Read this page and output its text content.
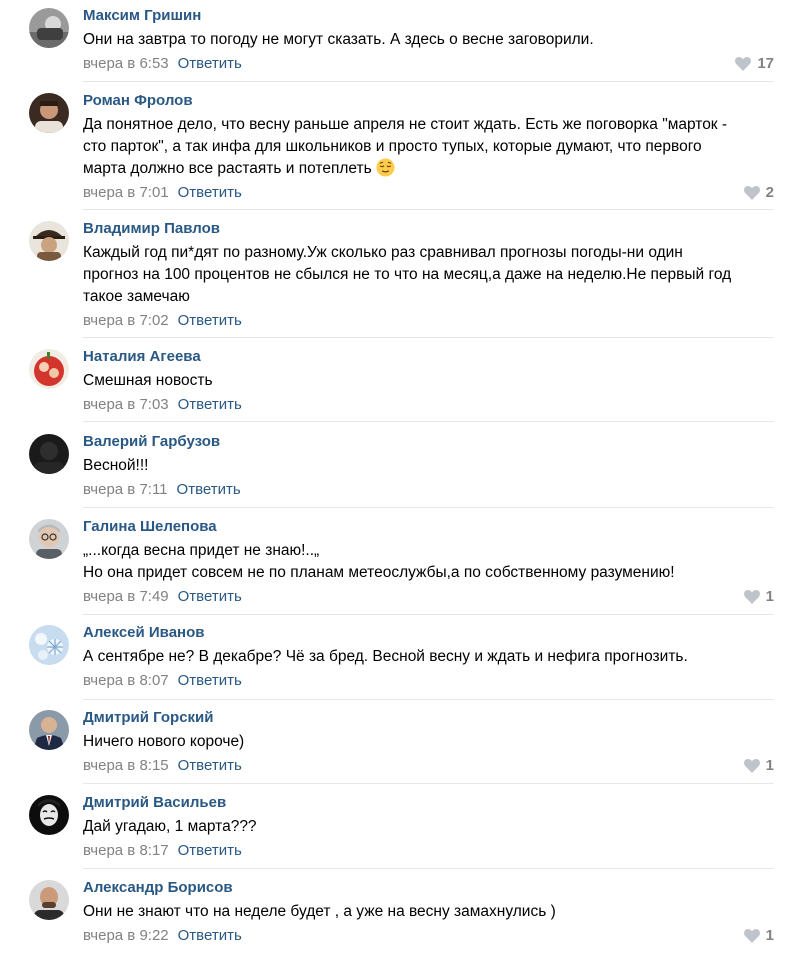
Максим Гришин
Они на завтра то погоду не могут сказать. А здесь о весне заговорили.
вчера в 6:53 Ответить	17
Роман Фролов
Да понятное дело, что весну раньше апреля не стоит ждать. Есть же поговорка "марток -
сто парток", а так инфа для школьников и просто тупых, которые думают, что первого
марта должно все растаять и потеплеть
вчера в 7:01 Ответить	2
Владимир Павлов
Каждый год пи*дят по разному.Уж сколько раз сравнивал прогнозы погоды-ни один
прогноз на 100 процентов не сбылся не то что на месяц,а даже на неделю.Не первый год
такое замечаю
вчера в 7:02 Ответить
Наталия Агеева
Смешная новость
вчера в 7:03 Ответить
Валерий Гарбузов
Весной!!!
вчера в 7:11 Ответить
Галина Шелепова
„...когда весна придет не знаю!..„
Но она придет совсем не по планам метеослужбы,а по собственному разумению!
вчера в 7:49 Ответить	1
Алексей Иванов
А сентябре не? В декабре? Чё за бред. Весной весну и ждать и нефига прогнозить.
вчера в 8:07 Ответить
Дмитрий Горский
Ничего нового короче)
вчера в 8:15 Ответить	1
Дмитрий Васильев
Дай угадаю, 1 марта???
вчера в 8:17 Ответить
Александр Борисов
Они не знают что на неделе будет , а уже на весну замахнулись )
вчера в 9:22 Ответить	1
